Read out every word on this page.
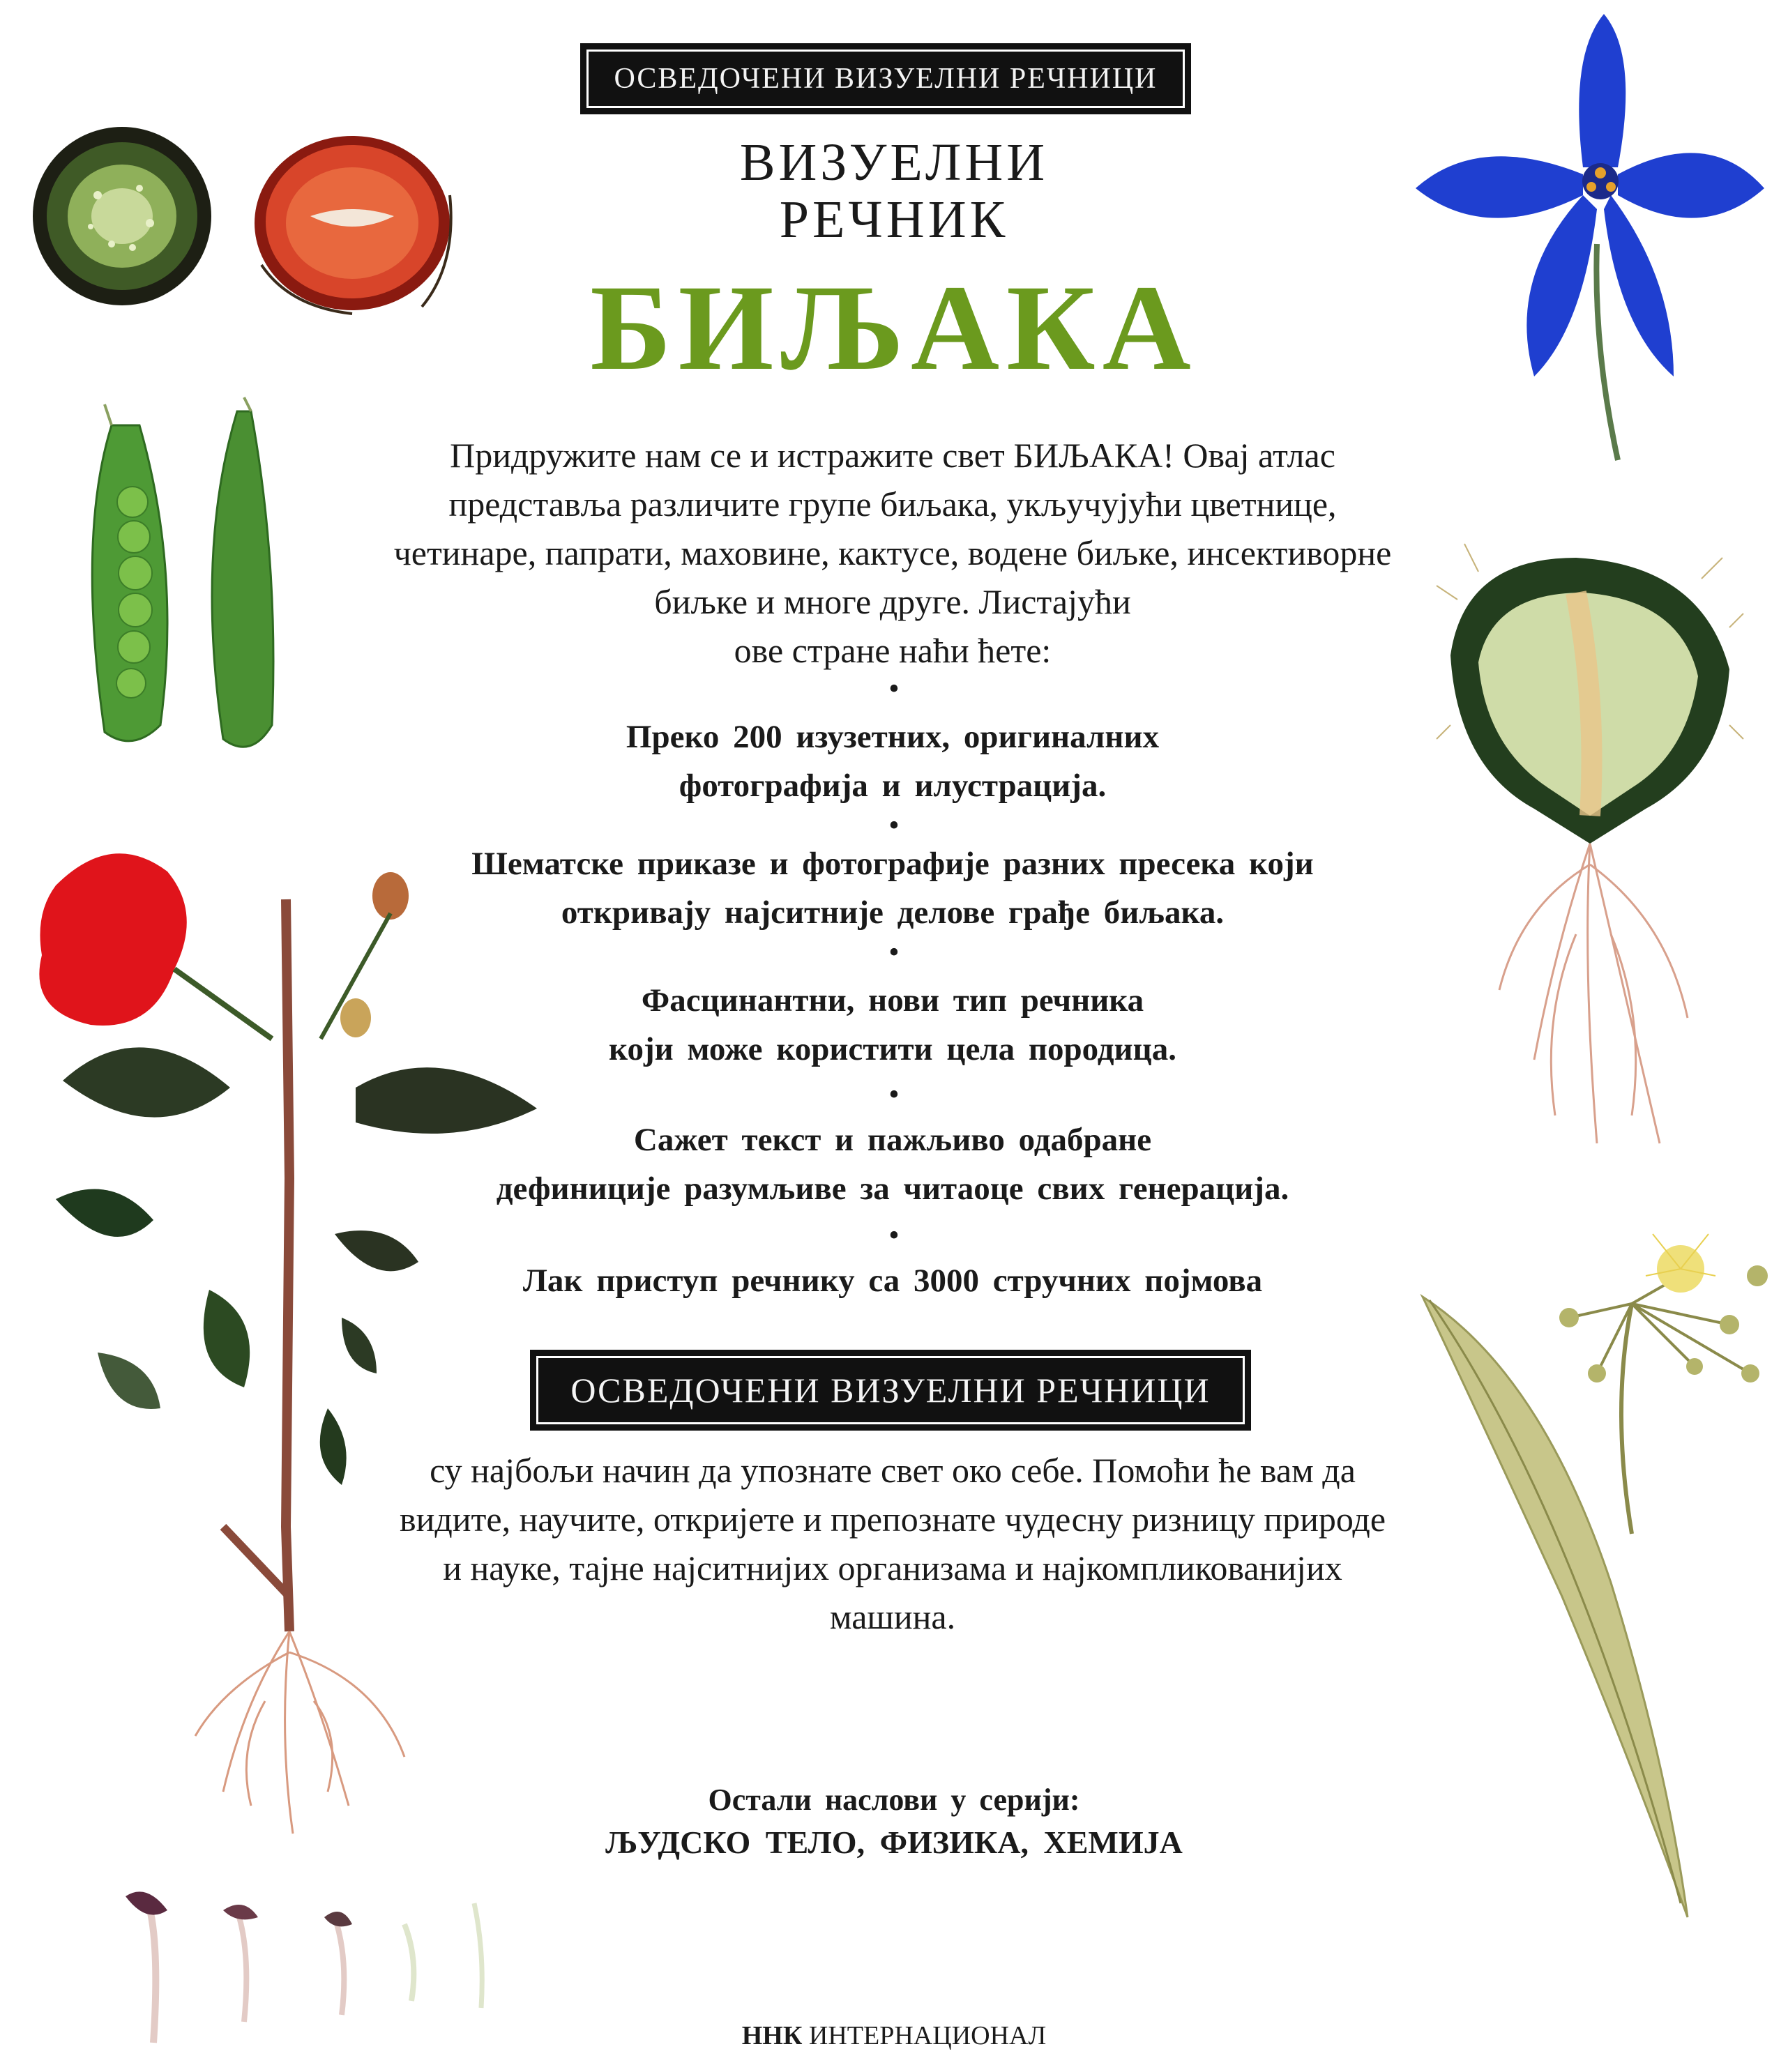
ОСВЕДОЧЕНИ ВИЗУЕЛНИ РЕЧНИЦИ
ВИЗУЕЛНИ
РЕЧНИК
БИЉАКА
Придружите нам се и истражите свет БИЉАКА! Овај атлас
представља различите групе биљака, укључујући цветнице,
четинаре, папрати, маховине, кактусе, водене биљке, инсективорне
биљке и многе друге. Листајући
ове стране наћи ћете:
•
Преко 200 изузетних, оригиналних
фотографија и илустрација.
•
Шематске приказе и фотографије разних пресека који
откривају најситније делове грађе биљака.
•
Фасцинантни, нови тип речника
који може користити цела породица.
•
Сажет текст и пажљиво одабране
дефиниције разумљиве за читаоце свих генерација.
•
Лак приступ речнику са 3000 стручних појмова
ОСВЕДОЧЕНИ ВИЗУЕЛНИ РЕЧНИЦИ
су најбољи начин да упознате свет око себе. Помоћи ће вам да
видите, научите, откријете и препознате чудесну ризницу природе
и науке, тајне најситнијих организама и најкомпликованијих
машина.
Остали наслови у серији:
ЉУДСКО ТЕЛО, ФИЗИКА, ХЕМИЈА
ННК ИНТЕРНАЦИОНАЛ
